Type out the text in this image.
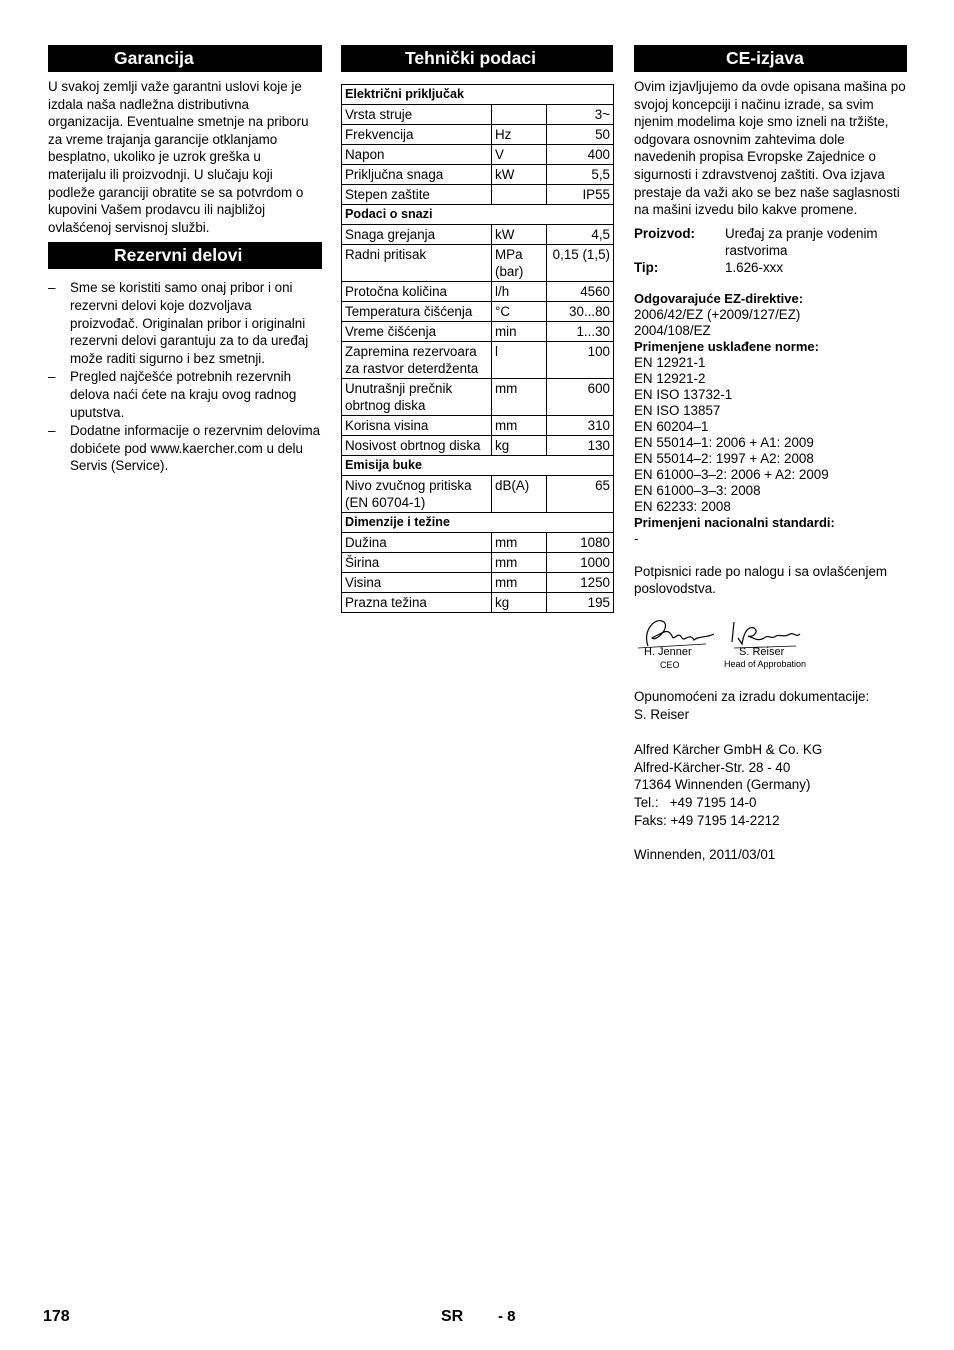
Garancija

U svakoj zemlji važe garantni uslovi koje je izdala naša nadležna distributivna organizacija. Eventualne smetnje na priboru za vreme trajanja garancije otklanjamo besplatno, ukoliko je uzrok greška u materijalu ili proizvodnji. U slučaju koji podleže garanciji obratite se sa potvrdom o kupovini Vašem prodavcu ili najbližoj ovlašćenoj servisnoj službi.

Rezervni delovi
– Sme se koristiti samo onaj pribor i oni rezervni delovi koje dozvoljava proizvođač. Originalan pribor i originalni rezervni delovi garantuju za to da uređaj može raditi sigurno i bez smetnji.
– Pregled najčešće potrebnih rezervnih delova naći ćete na kraju ovog radnog uputstva.
– Dodatne informacije o rezervnim delovima dobićete pod www.kaercher.com u delu Servis (Service).
Tehnički podaci
Električni priključak		
Vrsta struje		3~
Frekvencija	Hz	50
Napon	V	400
Priključna snaga	kW	5,5
Stepen zaštite		IP55
Podaci o snazi		
Snaga grejanja	kW	4,5
Radni pritisak	MPa (bar)	0,15 (1,5)
Protočna količina	l/h	4560
Temperatura čišćenja	°C	30...80
Vreme čišćenja	min	1...30
Zapremina rezervoara za rastvor deterdženta	l	100
Unutrašnji prečnik obrtnog diska	mm	600
Korisna visina	mm	310
Nosivost obrtnog diska	kg	130
Emisija buke		
Nivo zvučnog pritiska (EN 60704-1)	dB(A)	65
Dimenzije i težine		
Dužina	mm	1080
Širina	mm	1000
Visina	mm	1250
Prazna težina	kg	195
CE-izjava

Ovim izjavljujemo da ovde opisana mašina po svojoj koncepciji i načinu izrade, sa svim njenim modelima koje smo izneli na tržište, odgovara osnovnim zahtevima dole navedenih propisa Evropske Zajednice o sigurnosti i zdravstvenoj zaštiti. Ova izjava prestaje da važi ako se bez naše saglasnosti na mašini izvedu bilo kakve promene.

Proizvod:	Uređaj za pranje vodenim rastvorima
Tip:	1.626-xxx
Odgovarajuće EZ-direktive:
2006/42/EZ (+2009/127/EZ)
2004/108/EZ
Primenjene usklađene norme:
EN 12921-1
EN 12921-2
EN ISO 13732-1
EN ISO 13857
EN 60204–1
EN 55014–1: 2006 + A1: 2009
EN 55014–2: 1997 + A2: 2008
EN 61000–3–2: 2006 + A2: 2009
EN 61000–3–3: 2008
EN 62233: 2008
Primenjeni nacionalni standardi:
-

Potpisnici rade po nalogu i sa ovlašćenjem poslovodstva.

H. Jenner
CEO
S. Reiser
Head of Approbation

Opunomoćeni za izradu dokumentacije:

S. Reiser

Alfred Kärcher GmbH & Co. KG

Alfred-Kärcher-Str. 28 - 40

71364 Winnenden (Germany)

Tel.:   +49 7195 14-0

Faks: +49 7195 14-2212

Winnenden, 2011/03/01

178	SR - 8
